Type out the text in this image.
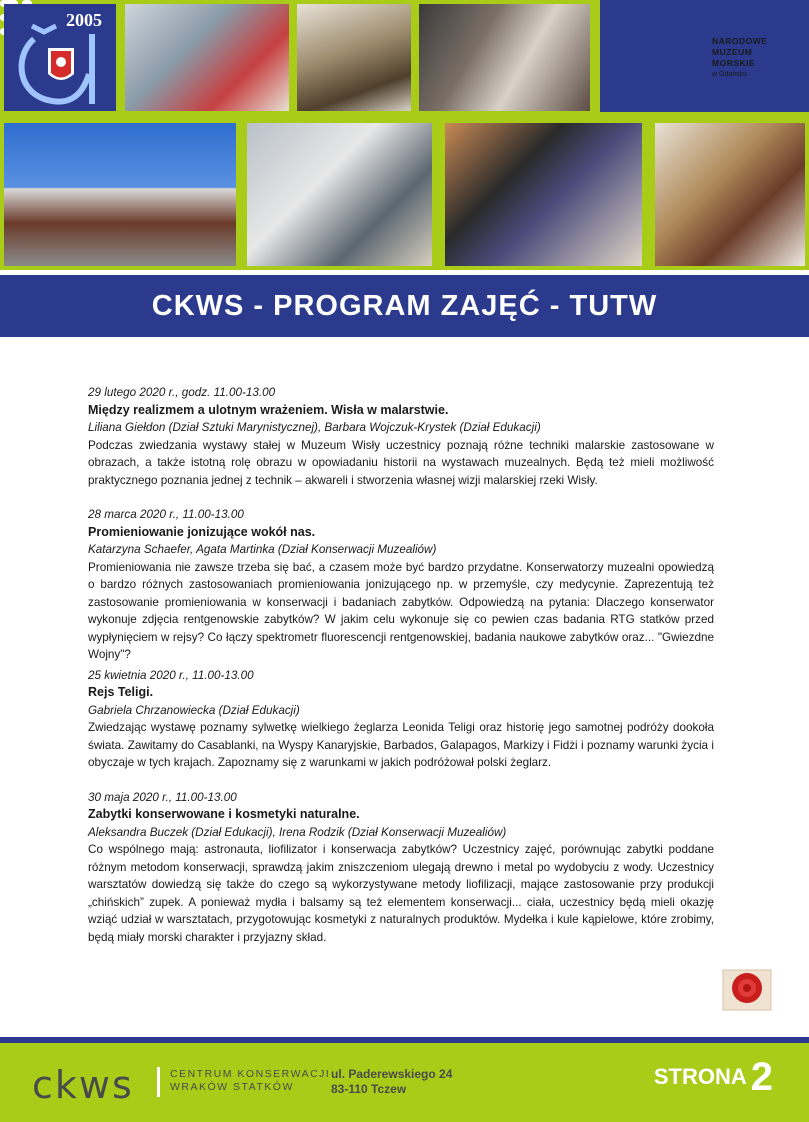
2005
NARODOWE
MUZEUM
MORSKIE
w Gdańsku
CKWS - PROGRAM ZAJĘĆ - TUTW
29 lutego 2020 r., godz. 11.00-13.00
Między realizmem a ulotnym wrażeniem. Wisła w malarstwie.
Liliana Giełdon (Dział Sztuki Marynistycznej), Barbara Wojczuk-Krystek (Dział Edukacji)
Podczas zwiedzania wystawy stałej w Muzeum Wisły uczestnicy poznają różne techniki malarskie zastosowane w obrazach, a także istotną rolę obrazu w opowiadaniu historii na wystawach muzealnych. Będą też mieli możliwość praktycznego poznania jednej z technik – akwareli i stworzenia własnej wizji malarskiej rzeki Wisły.
28 marca 2020 r., 11.00-13.00
Promieniowanie jonizujące wokół nas.
Katarzyna Schaefer, Agata Martinka (Dział Konserwacji Muzealiów)
Promieniowania nie zawsze trzeba się bać, a czasem może być bardzo przydatne. Konserwatorzy muzealni opowiedzą o bardzo różnych zastosowaniach promieniowania jonizującego np. w przemyśle, czy medycynie. Zaprezentują też zastosowanie promieniowania w konserwacji i badaniach zabytków. Odpowiedzą na pytania: Dlaczego konserwator wykonuje zdjęcia rentgenowskie zabytków? W jakim celu wykonuje się co pewien czas badania RTG statków przed wypłynięciem w rejsy? Co łączy spektrometr fluorescencji rentgenowskiej, badania naukowe zabytków oraz... "Gwiezdne Wojny"?
25 kwietnia 2020 r., 11.00-13.00
Rejs Teligi.
Gabriela Chrzanowiecka (Dział Edukacji)
Zwiedzając wystawę poznamy sylwetkę wielkiego żeglarza Leonida Teligi oraz historię jego samotnej podróży dookoła świata. Zawitamy do Casablanki, na Wyspy Kanaryjskie, Barbados, Galapagos, Markizy i Fidżi i poznamy warunki życia i obyczaje w tych krajach. Zapoznamy się z warunkami w jakich podróżował polski żeglarz.
30 maja 2020 r., 11.00-13.00
Zabytki konserwowane i kosmetyki naturalne.
Aleksandra Buczek (Dział Edukacji), Irena Rodzik (Dział Konserwacji Muzealiów)
Co wspólnego mają: astronauta, liofilizator i konserwacja zabytków? Uczestnicy zajęć, porównując zabytki poddane różnym metodom konserwacji, sprawdzą jakim zniszczeniom ulegają drewno i metal po wydobyciu z wody. Uczestnicy warsztatów dowiedzą się także do czego są wykorzystywane metody liofilizacji, mające zastosowanie przy produkcji „chińskich” zupek. A ponieważ mydła i balsamy są też elementem konserwacji... ciała, uczestnicy będą mieli okazję wziąć udział w warsztatach, przygotowując kosmetyki z naturalnych produktów. Mydełka i kule kąpielowe, które zrobimy, będą miały morski charakter i przyjazny skład.
ckws	CENTRUM KONSERWACJI
WRAKÓW STATKÓW
ul. Paderewskiego 24
83-110 Tczew	STRONA 2
